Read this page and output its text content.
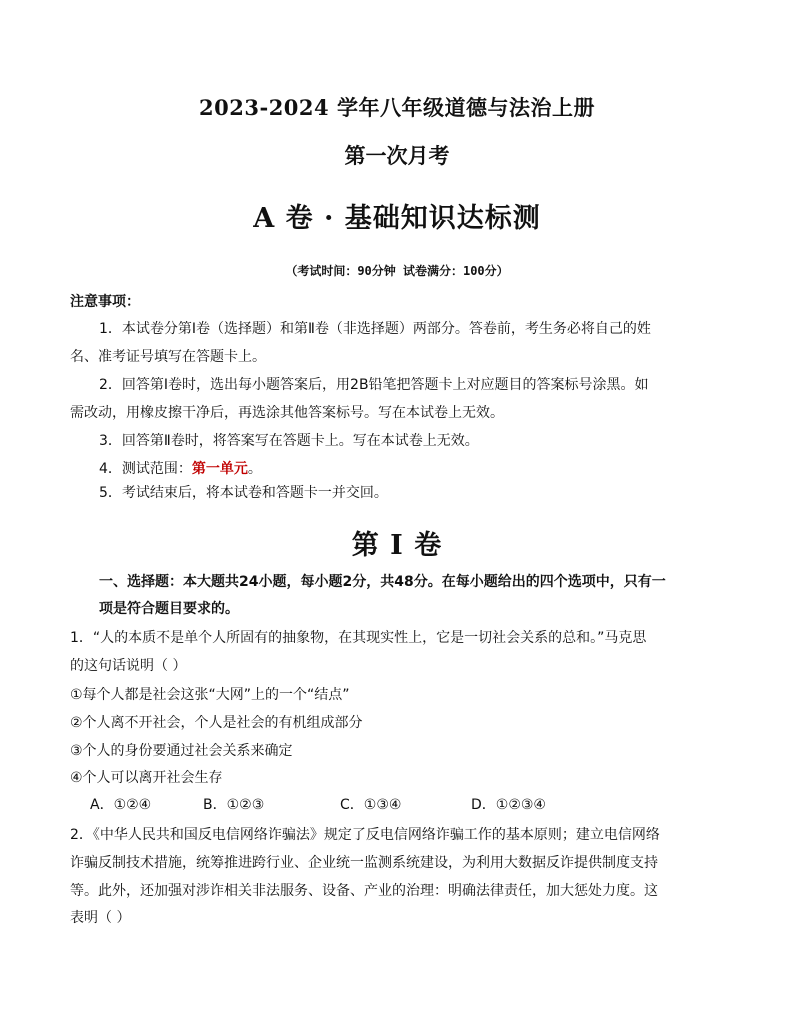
2023-2024 学年八年级道德与法治上册
第一次月考
A 卷 · 基础知识达标测
（考试时间：90分钟 试卷满分：100分）
注意事项：
1．本试卷分第Ⅰ卷（选择题）和第Ⅱ卷（非选择题）两部分。答卷前，考生务必将自己的姓
名、准考证号填写在答题卡上。
2．回答第Ⅰ卷时，选出每小题答案后，用2B铅笔把答题卡上对应题目的答案标号涂黑。如
需改动，用橡皮擦干净后，再选涂其他答案标号。写在本试卷上无效。
3．回答第Ⅱ卷时，将答案写在答题卡上。写在本试卷上无效。
4．测试范围：第一单元。
5．考试结束后，将本试卷和答题卡一并交回。
第 I 卷
一、选择题：本大题共24小题，每小题2分，共48分。在每小题给出的四个选项中，只有一
项是符合题目要求的。
1．“人的本质不是单个人所固有的抽象物，在其现实性上，它是一切社会关系的总和。”马克思
的这句话说明（ ）
①每个人都是社会这张“大网”上的一个“结点”
②个人离不开社会，个人是社会的有机组成部分
③个人的身份要通过社会关系来确定
④个人可以离开社会生存
A．①②④	B．①②③	C．①③④	D．①②③④
2．《中华人民共和国反电信网络诈骗法》规定了反电信网络诈骗工作的基本原则；建立电信网络
诈骗反制技术措施，统筹推进跨行业、企业统一监测系统建设，为利用大数据反诈提供制度支持
等。此外，还加强对涉诈相关非法服务、设备、产业的治理：明确法律责任，加大惩处力度。这
表明（ ）
